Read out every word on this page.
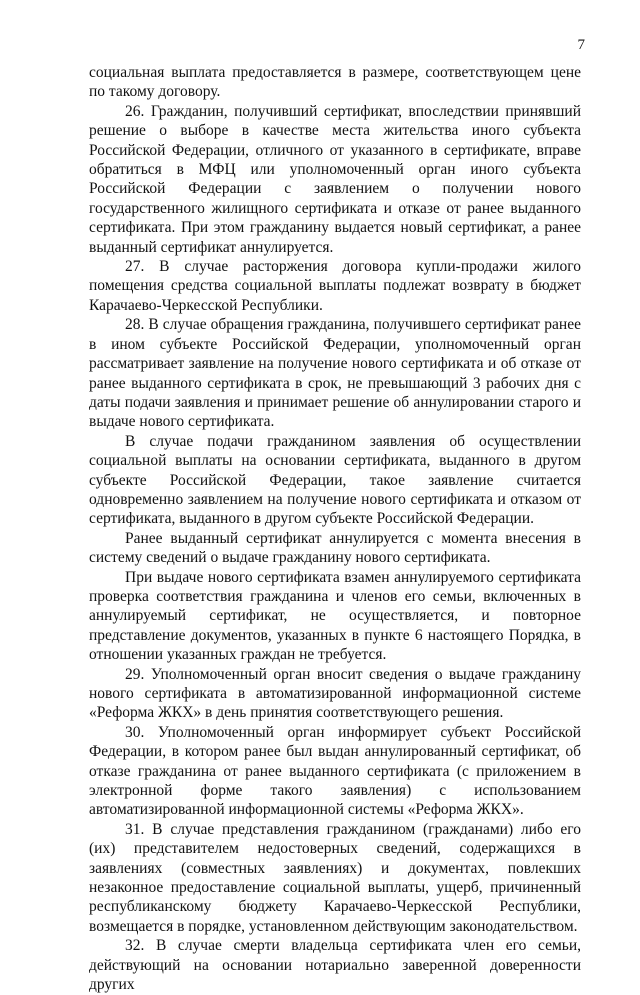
7

социальная выплата предоставляется в размере, соответствующем цене по такому договору.

26. Гражданин, получивший сертификат, впоследствии принявший решение о выборе в качестве места жительства иного субъекта Российской Федерации, отличного от указанного в сертификате, вправе обратиться в МФЦ или уполномоченный орган иного субъекта Российской Федерации с заявлением о получении нового государственного жилищного сертификата и отказе от ранее выданного сертификата. При этом гражданину выдается новый сертификат, а ранее выданный сертификат аннулируется.

27. В случае расторжения договора купли-продажи жилого помещения средства социальной выплаты подлежат возврату в бюджет Карачаево-Черкесской Республики.

28. В случае обращения гражданина, получившего сертификат ранее в ином субъекте Российской Федерации, уполномоченный орган рассматривает заявление на получение нового сертификата и об отказе от ранее выданного сертификата в срок, не превышающий 3 рабочих дня с даты подачи заявления и принимает решение об аннулировании старого и выдаче нового сертификата.

В случае подачи гражданином заявления об осуществлении социальной выплаты на основании сертификата, выданного в другом субъекте Российской Федерации, такое заявление считается одновременно заявлением на получение нового сертификата и отказом от сертификата, выданного в другом субъекте Российской Федерации.

Ранее выданный сертификат аннулируется с момента внесения в систему сведений о выдаче гражданину нового сертификата.

При выдаче нового сертификата взамен аннулируемого сертификата проверка соответствия гражданина и членов его семьи, включенных в аннулируемый сертификат, не осуществляется, и повторное представление документов, указанных в пункте 6 настоящего Порядка, в отношении указанных граждан не требуется.

29. Уполномоченный орган вносит сведения о выдаче гражданину нового сертификата в автоматизированной информационной системе «Реформа ЖКХ» в день принятия соответствующего решения.

30. Уполномоченный орган информирует субъект Российской Федерации, в котором ранее был выдан аннулированный сертификат, об отказе гражданина от ранее выданного сертификата (с приложением в электронной форме такого заявления) с использованием автоматизированной информационной системы «Реформа ЖКХ».

31. В случае представления гражданином (гражданами) либо его (их) представителем недостоверных сведений, содержащихся в заявлениях (совместных заявлениях) и документах, повлекших незаконное предоставление социальной выплаты, ущерб, причиненный республиканскому бюджету Карачаево-Черкесской Республики, возмещается в порядке, установленном действующим законодательством.

32. В случае смерти владельца сертификата член его семьи, действующий на основании нотариально заверенной доверенности других
